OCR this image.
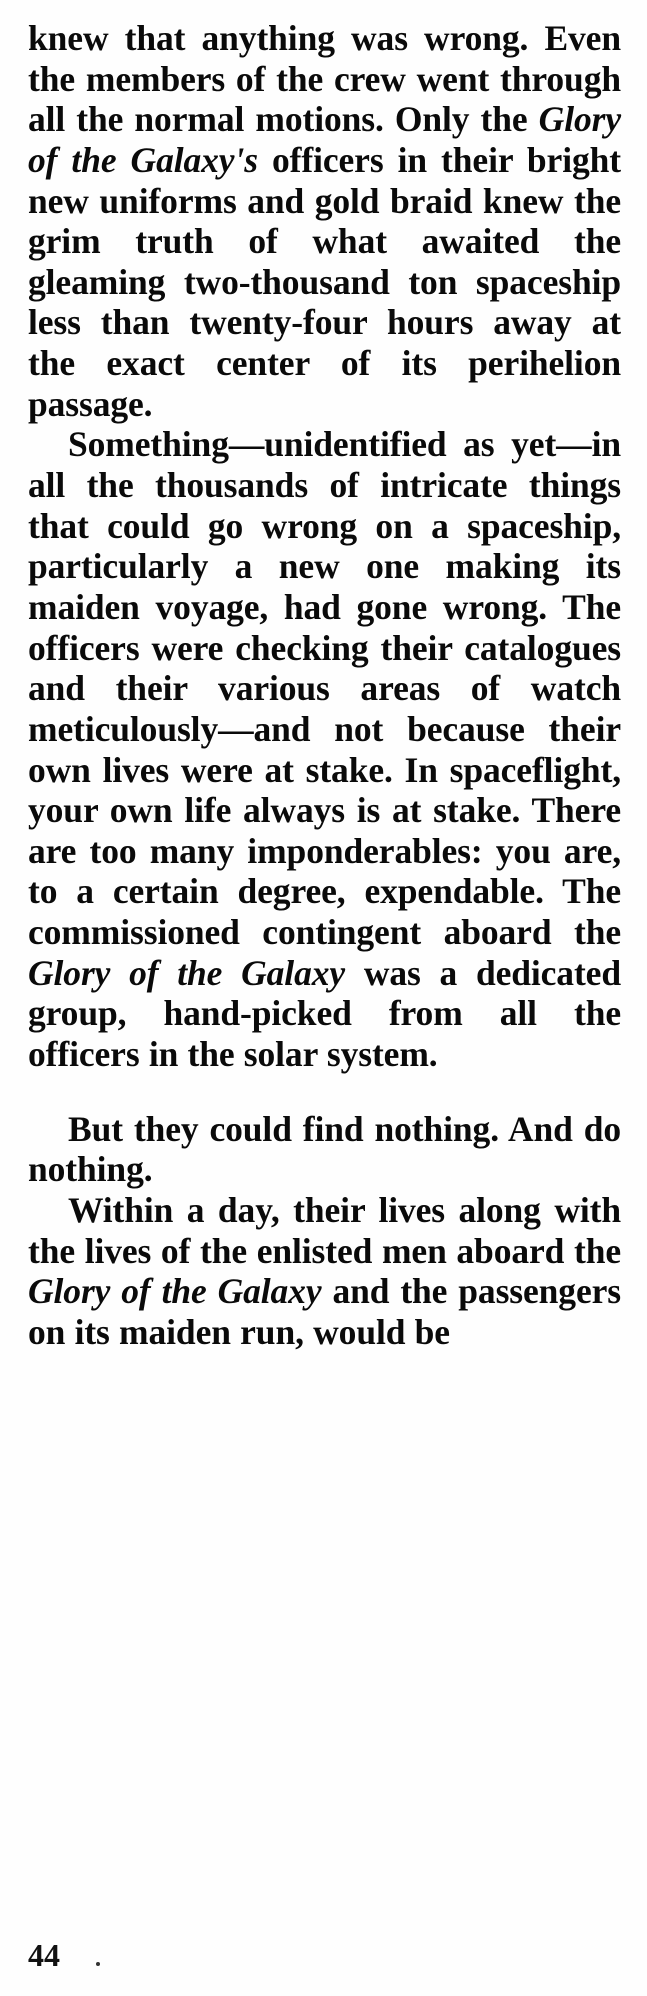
knew that anything was wrong. Even the members of the crew went through all the normal motions. Only the Glory of the Galaxy's officers in their bright new uniforms and gold braid knew the grim truth of what awaited the gleaming two-thousand ton spaceship less than twenty-four hours away at the exact center of its perihelion passage.

Something—unidentified as yet—in all the thousands of intricate things that could go wrong on a spaceship, particularly a new one making its maiden voyage, had gone wrong. The officers were checking their catalogues and their various areas of watch meticulously—and not because their own lives were at stake. In spaceflight, your own life always is at stake. There are too many imponderables: you are, to a certain degree, expendable. The commissioned contingent aboard the Glory of the Galaxy was a dedicated group, hand-picked from all the officers in the solar system.

But they could find nothing. And do nothing.

Within a day, their lives along with the lives of the enlisted men aboard the Glory of the Galaxy and the passengers on its maiden run, would be

44
